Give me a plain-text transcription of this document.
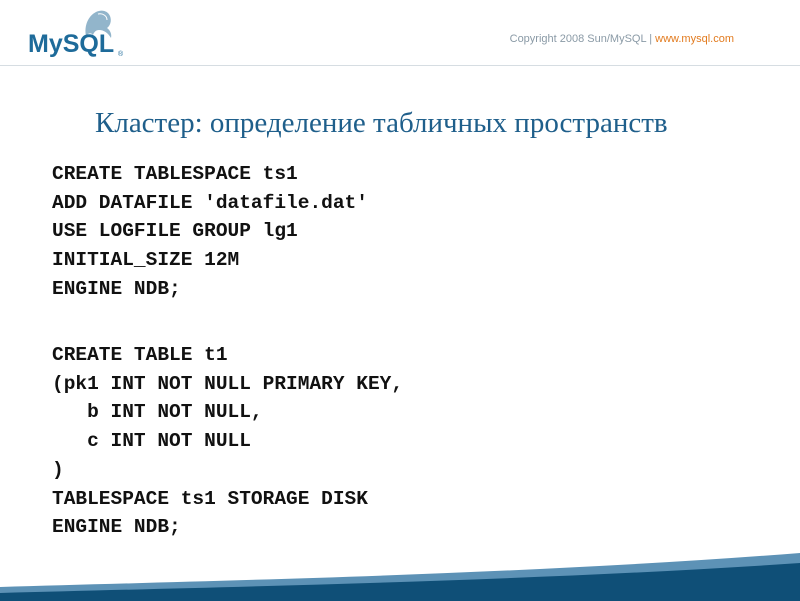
MySQL ®
Copyright 2008 Sun/MySQL | www.mysql.com
Кластер: определение табличных пространств
CREATE TABLESPACE ts1
ADD DATAFILE 'datafile.dat'
USE LOGFILE GROUP lg1
INITIAL_SIZE 12M
ENGINE NDB;
CREATE TABLE t1
(pk1 INT NOT NULL PRIMARY KEY,
b INT NOT NULL,
c INT NOT NULL
)
TABLESPACE ts1 STORAGE DISK
ENGINE NDB;
